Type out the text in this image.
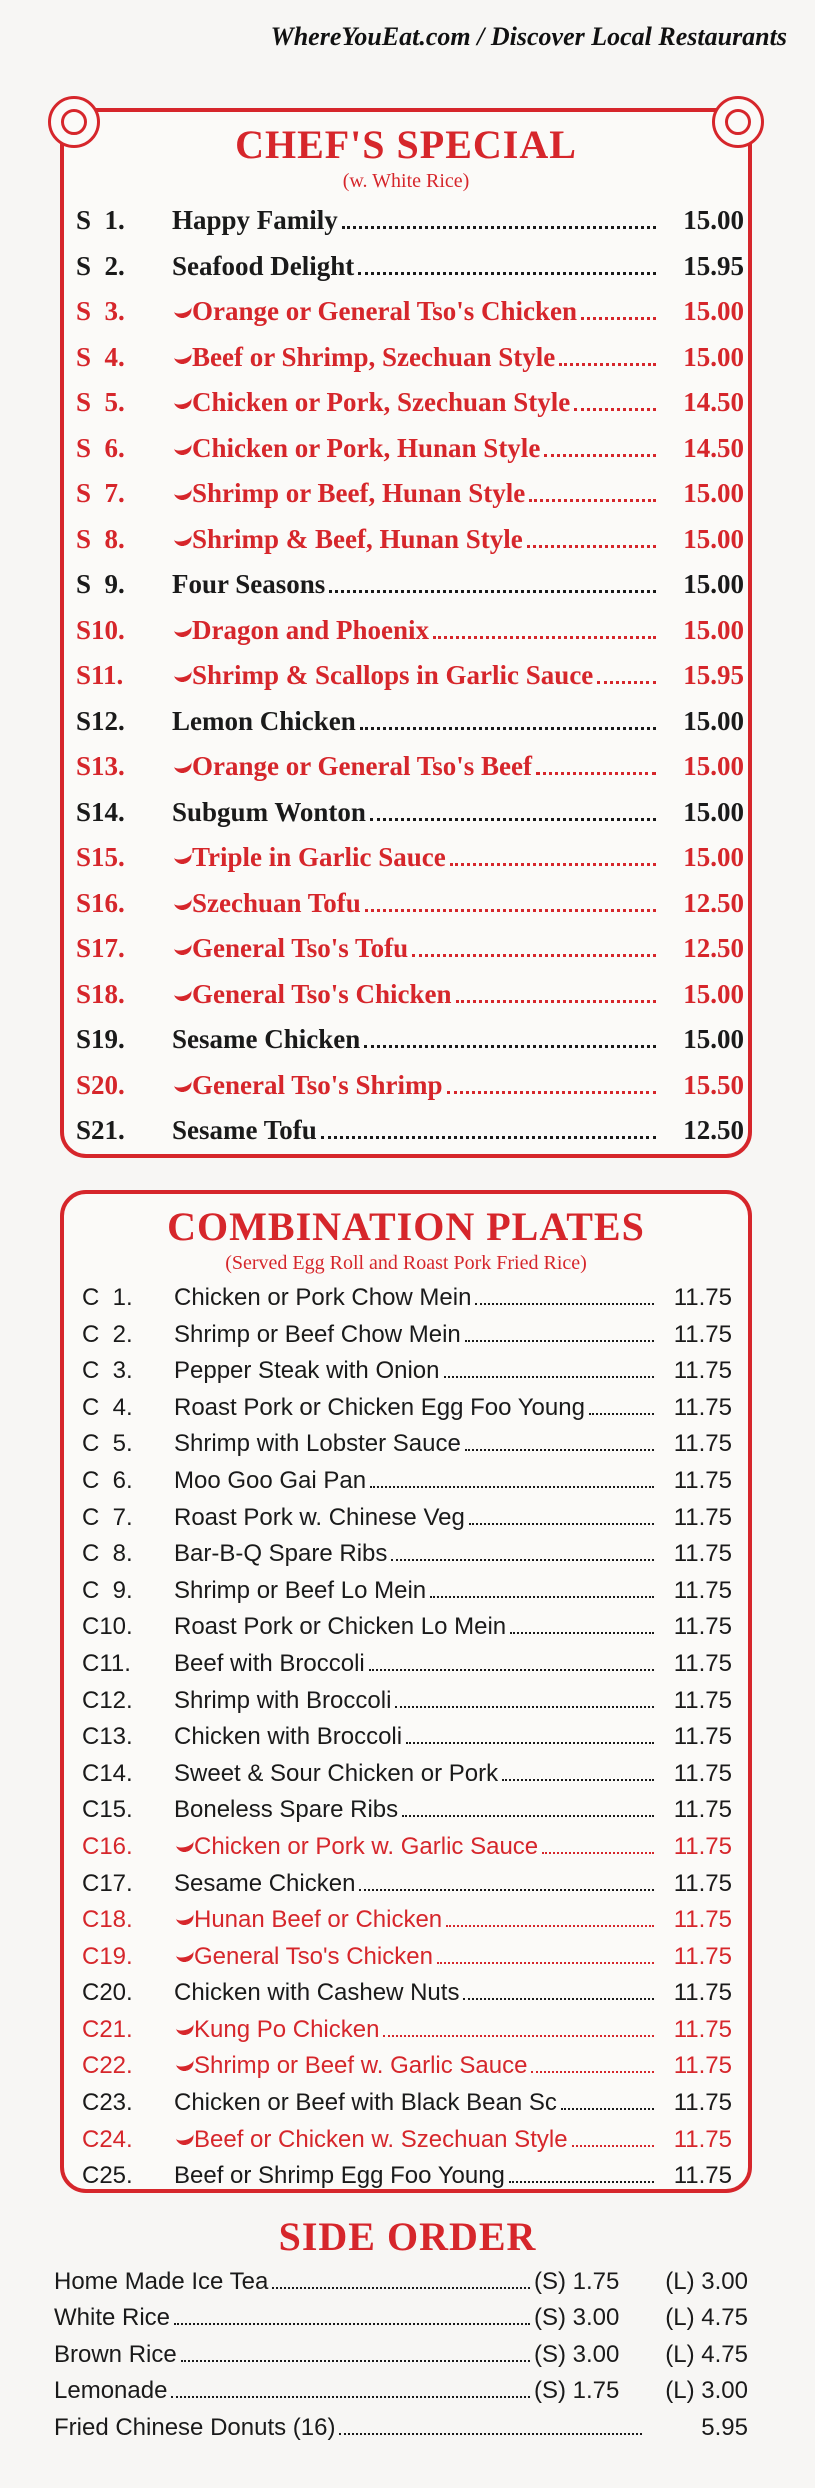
WhereYouEat.com / Discover Local Restaurants
CHEF'S SPECIAL
(w. White Rice)
S  1.	Happy Family	15.00
S  2.	Seafood Delight	15.95
S  3.	Orange or General Tso's Chicken	15.00
S  4.	Beef or Shrimp, Szechuan Style	15.00
S  5.	Chicken or Pork, Szechuan Style	14.50
S  6.	Chicken or Pork, Hunan Style	14.50
S  7.	Shrimp or Beef, Hunan Style	15.00
S  8.	Shrimp & Beef, Hunan Style	15.00
S  9.	Four Seasons	15.00
S10.	Dragon and Phoenix	15.00
S11.	Shrimp & Scallops in Garlic Sauce	15.95
S12.	Lemon Chicken	15.00
S13.	Orange or General Tso's Beef	15.00
S14.	Subgum Wonton	15.00
S15.	Triple in Garlic Sauce	15.00
S16.	Szechuan Tofu	12.50
S17.	General Tso's Tofu	12.50
S18.	General Tso's Chicken	15.00
S19.	Sesame Chicken	15.00
S20.	General Tso's Shrimp	15.50
S21.	Sesame Tofu	12.50
COMBINATION PLATES
(Served Egg Roll and Roast Pork Fried Rice)
C  1.	Chicken or Pork Chow Mein	11.75
C  2.	Shrimp or Beef Chow Mein	11.75
C  3.	Pepper Steak with Onion	11.75
C  4.	Roast Pork or Chicken Egg Foo Young	11.75
C  5.	Shrimp with Lobster Sauce	11.75
C  6.	Moo Goo Gai Pan	11.75
C  7.	Roast Pork w. Chinese Veg	11.75
C  8.	Bar-B-Q Spare Ribs	11.75
C  9.	Shrimp or Beef Lo Mein	11.75
C10.	Roast Pork or Chicken Lo Mein	11.75
C11.	Beef with Broccoli	11.75
C12.	Shrimp with Broccoli	11.75
C13.	Chicken with Broccoli	11.75
C14.	Sweet & Sour Chicken or Pork	11.75
C15.	Boneless Spare Ribs	11.75
C16.	Chicken or Pork w. Garlic Sauce	11.75
C17.	Sesame Chicken	11.75
C18.	Hunan Beef or Chicken	11.75
C19.	General Tso's Chicken	11.75
C20.	Chicken with Cashew Nuts	11.75
C21.	Kung Po Chicken	11.75
C22.	Shrimp or Beef w. Garlic Sauce	11.75
C23.	Chicken or Beef with Black Bean Sc	11.75
C24.	Beef or Chicken w. Szechuan Style	11.75
C25.	Beef or Shrimp Egg Foo Young	11.75
SIDE ORDER
Home Made Ice Tea	(S) 1.75	(L) 3.00
White Rice	(S) 3.00	(L) 4.75
Brown Rice	(S) 3.00	(L) 4.75
Lemonade	(S) 1.75	(L) 3.00
Fried Chinese Donuts (16)	5.95
